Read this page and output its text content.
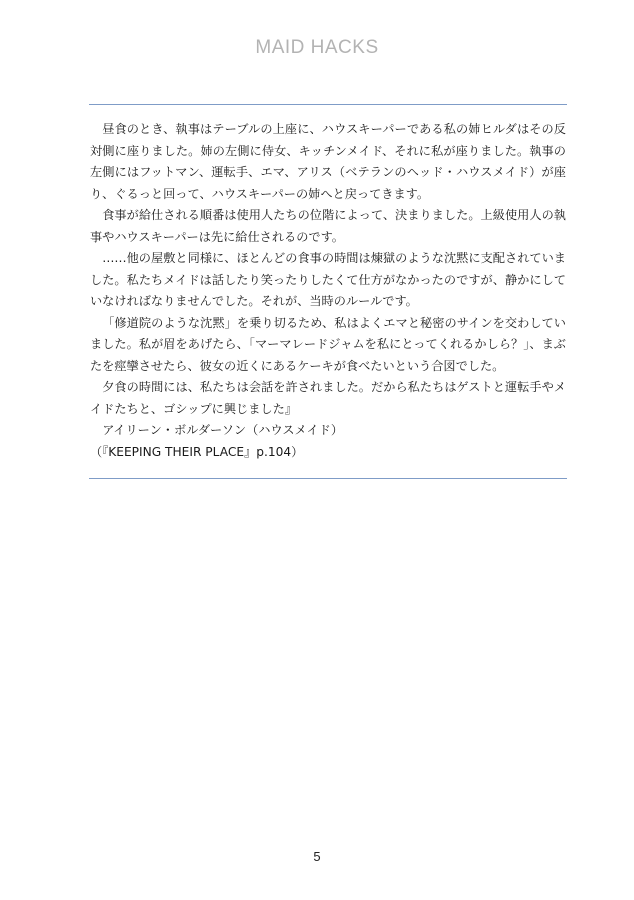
MAID HACKS

昼食のとき、執事はテーブルの上座に、ハウスキーパーである私の姉ヒルダはその反対側に座りました。姉の左側に侍女、キッチンメイド、それに私が座りました。執事の左側にはフットマン、運転手、エマ、アリス（ベテランのヘッド・ハウスメイド）が座り、ぐるっと回って、ハウスキーパーの姉へと戻ってきます。

食事が給仕される順番は使用人たちの位階によって、決まりました。上級使用人の執事やハウスキーパーは先に給仕されるのです。

……他の屋敷と同様に、ほとんどの食事の時間は煉獄のような沈黙に支配されていました。私たちメイドは話したり笑ったりしたくて仕方がなかったのですが、静かにしていなければなりませんでした。それが、当時のルールです。

「修道院のような沈黙」を乗り切るため、私はよくエマと秘密のサインを交わしていました。私が眉をあげたら、「マーマレードジャムを私にとってくれるかしら？」、まぶたを痙攣させたら、彼女の近くにあるケーキが食べたいという合図でした。

夕食の時間には、私たちは会話を許されました。だから私たちはゲストと運転手やメイドたちと、ゴシップに興じました』

アイリーン・ボルダーソン（ハウスメイド）

（『KEEPING THEIR PLACE』p.104）

5
